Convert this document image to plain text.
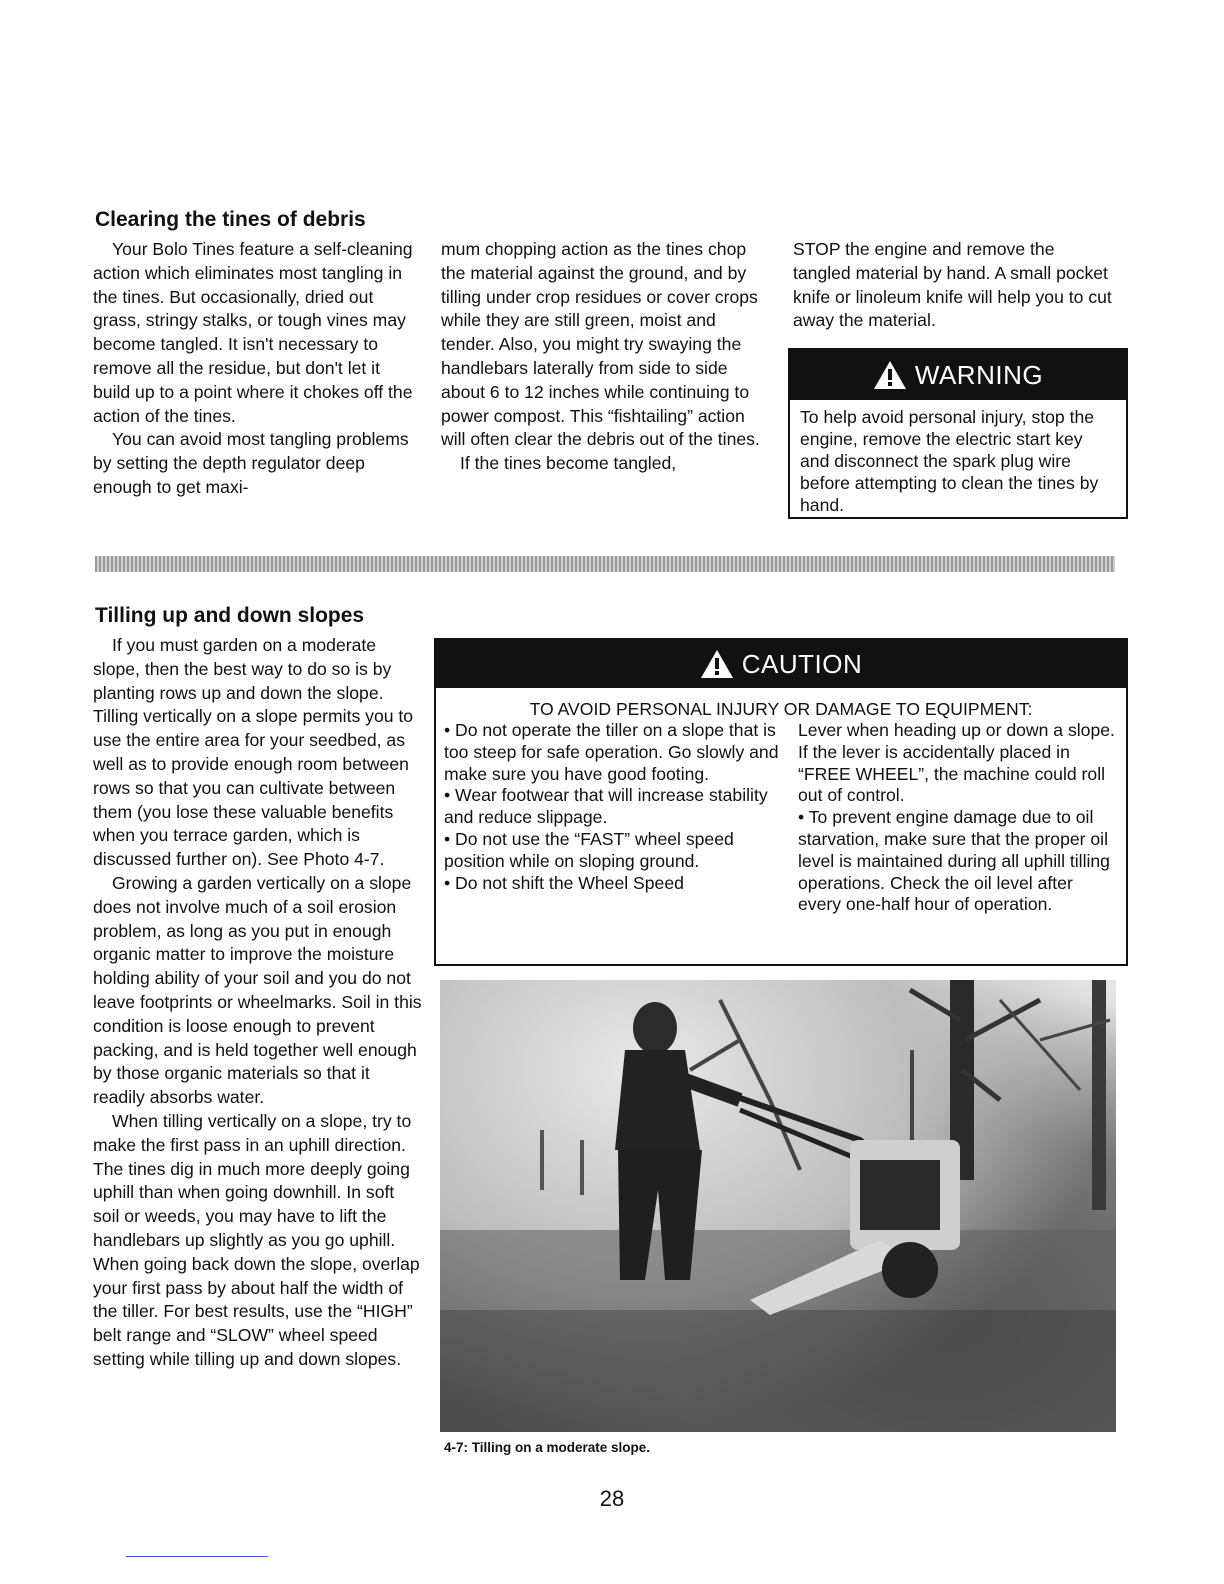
Clearing the tines of debris

Your Bolo Tines feature a self-cleaning action which eliminates most tangling in the tines. But occasionally, dried out grass, stringy stalks, or tough vines may become tangled. It isn't necessary to remove all the residue, but don't let it build up to a point where it chokes off the action of the tines.

You can avoid most tangling problems by setting the depth regulator deep enough to get maxi-

mum chopping action as the tines chop the material against the ground, and by tilling under crop residues or cover crops while they are still green, moist and tender. Also, you might try swaying the handlebars laterally from side to side about 6 to 12 inches while continuing to power compost. This “fishtailing” action will often clear the debris out of the tines.

If the tines become tangled,

STOP the engine and remove the tangled material by hand. A small pocket knife or linoleum knife will help you to cut away the material.

WARNING
To help avoid personal injury, stop the engine, remove the electric start key and disconnect the spark plug wire before attempting to clean the tines by hand.
Tilling up and down slopes

If you must garden on a moderate slope, then the best way to do so is by planting rows up and down the slope. Tilling vertically on a slope permits you to use the entire area for your seedbed, as well as to provide enough room between rows so that you can cultivate between them (you lose these valuable benefits when you terrace garden, which is discussed further on). See Photo 4-7.

Growing a garden vertically on a slope does not involve much of a soil erosion problem, as long as you put in enough organic matter to improve the moisture holding ability of your soil and you do not leave footprints or wheelmarks. Soil in this condition is loose enough to prevent packing, and is held together well enough by those organic materials so that it readily absorbs water.

When tilling vertically on a slope, try to make the first pass in an uphill direction. The tines dig in much more deeply going uphill than when going downhill. In soft soil or weeds, you may have to lift the handlebars up slightly as you go uphill. When going back down the slope, overlap your first pass by about half the width of the tiller. For best results, use the “HIGH” belt range and “SLOW” wheel speed setting while tilling up and down slopes.

CAUTION
TO AVOID PERSONAL INJURY OR DAMAGE TO EQUIPMENT:
• Do not operate the tiller on a slope that is too steep for safe operation. Go slowly and make sure you have good footing.
• Wear footwear that will increase stability and reduce slippage.
• Do not use the “FAST” wheel speed position while on sloping ground.
• Do not shift the Wheel Speed
Lever when heading up or down a slope. If the lever is accidentally placed in “FREE WHEEL”, the machine could roll out of control.
• To prevent engine damage due to oil starvation, make sure that the proper oil level is maintained during all uphill tilling operations. Check the oil level after every one-half hour of operation.
4-7: Tilling on a moderate slope.
28
